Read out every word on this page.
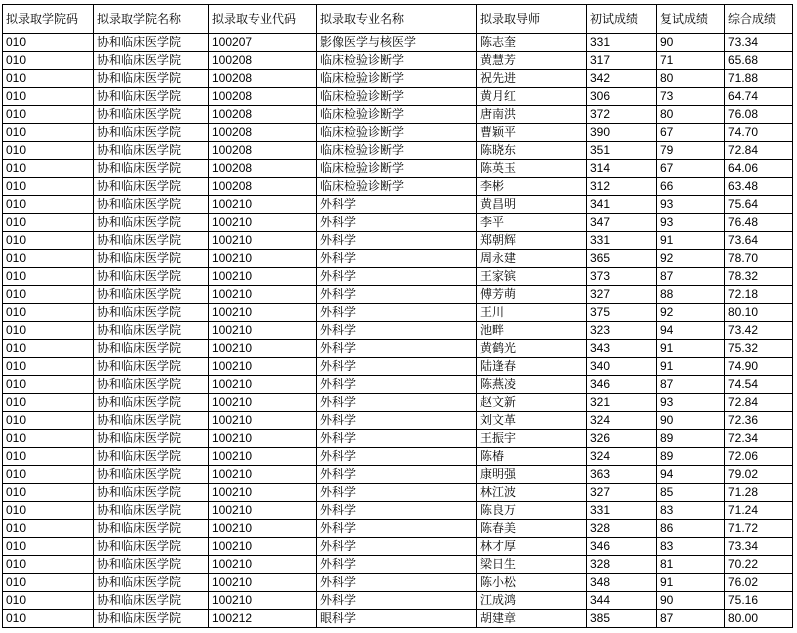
拟录取学院码	拟录取学院名称	拟录取专业代码	拟录取专业名称	拟录取导师	初试成绩	复试成绩	综合成绩
010	协和临床医学院	100207	影像医学与核医学	陈志奎	331	90	73.34
010	协和临床医学院	100208	临床检验诊断学	黄慧芳	317	71	65.68
010	协和临床医学院	100208	临床检验诊断学	祝先进	342	80	71.88
010	协和临床医学院	100208	临床检验诊断学	黄月红	306	73	64.74
010	协和临床医学院	100208	临床检验诊断学	唐南洪	372	80	76.08
010	协和临床医学院	100208	临床检验诊断学	曹颖平	390	67	74.70
010	协和临床医学院	100208	临床检验诊断学	陈晓东	351	79	72.84
010	协和临床医学院	100208	临床检验诊断学	陈英玉	314	67	64.06
010	协和临床医学院	100208	临床检验诊断学	李彬	312	66	63.48
010	协和临床医学院	100210	外科学	黄昌明	341	93	75.64
010	协和临床医学院	100210	外科学	李平	347	93	76.48
010	协和临床医学院	100210	外科学	郑朝辉	331	91	73.64
010	协和临床医学院	100210	外科学	周永建	365	92	78.70
010	协和临床医学院	100210	外科学	王家镔	373	87	78.32
010	协和临床医学院	100210	外科学	傅芳萌	327	88	72.18
010	协和临床医学院	100210	外科学	王川	375	92	80.10
010	协和临床医学院	100210	外科学	池畔	323	94	73.42
010	协和临床医学院	100210	外科学	黄鹤光	343	91	75.32
010	协和临床医学院	100210	外科学	陆逢春	340	91	74.90
010	协和临床医学院	100210	外科学	陈燕凌	346	87	74.54
010	协和临床医学院	100210	外科学	赵文新	321	93	72.84
010	协和临床医学院	100210	外科学	刘文革	324	90	72.36
010	协和临床医学院	100210	外科学	王振宇	326	89	72.34
010	协和临床医学院	100210	外科学	陈椿	324	89	72.06
010	协和临床医学院	100210	外科学	康明强	363	94	79.02
010	协和临床医学院	100210	外科学	林江波	327	85	71.28
010	协和临床医学院	100210	外科学	陈良万	331	83	71.24
010	协和临床医学院	100210	外科学	陈春美	328	86	71.72
010	协和临床医学院	100210	外科学	林才厚	346	83	73.34
010	协和临床医学院	100210	外科学	梁日生	328	81	70.22
010	协和临床医学院	100210	外科学	陈小松	348	91	76.02
010	协和临床医学院	100210	外科学	江成鸿	344	90	75.16
010	协和临床医学院	100212	眼科学	胡建章	385	87	80.00
